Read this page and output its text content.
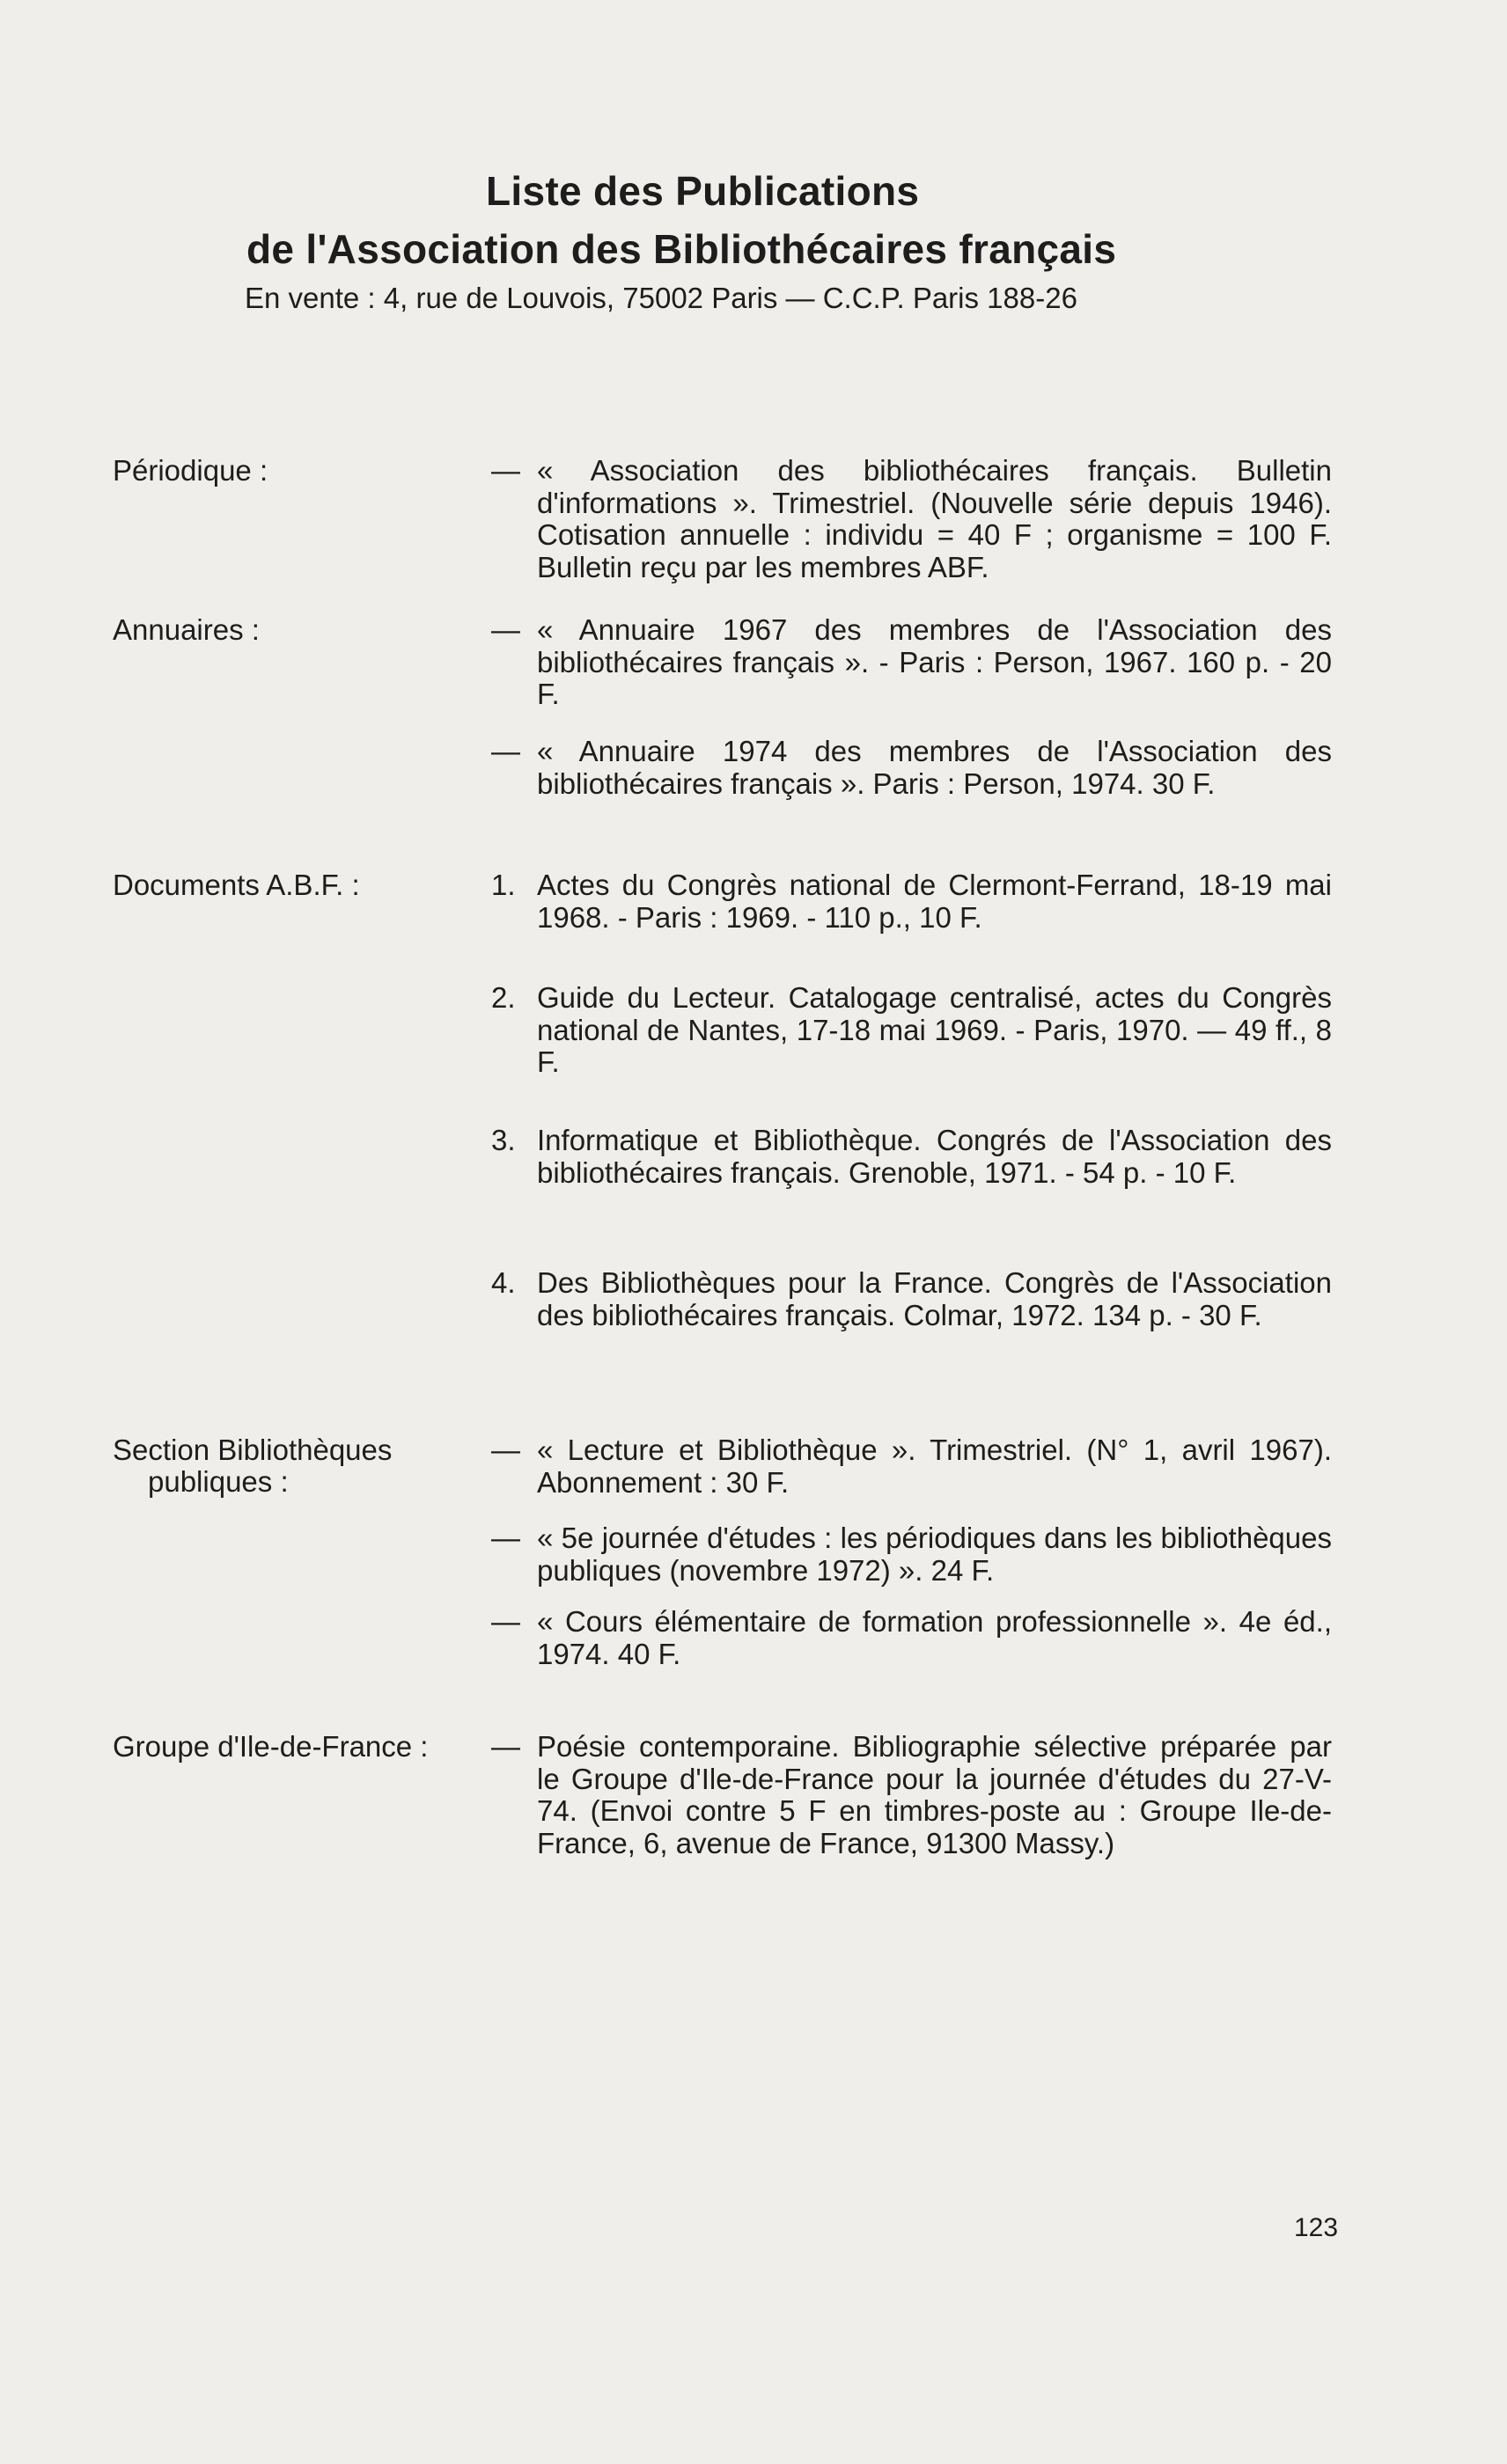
Liste des Publications
de l'Association des Bibliothécaires français
En vente : 4, rue de Louvois, 75002 Paris — C.C.P. Paris 188-26
Périodique :	— « Association des bibliothécaires français. Bulletin d'informations ». Trimestriel. (Nouvelle série depuis 1946). Cotisation annuelle : individu = 40 F ; organisme = 100 F. Bulletin reçu par les membres ABF.
Annuaires :	— « Annuaire 1967 des membres de l'Association des bibliothécaires français ». - Paris : Person, 1967. 160 p. - 20 F.
— « Annuaire 1974 des membres de l'Association des bibliothécaires français ». Paris : Person, 1974. 30 F.
Documents A.B.F. :	1. Actes du Congrès national de Clermont-Ferrand, 18-19 mai 1968. - Paris : 1969. - 110 p., 10 F.
2. Guide du Lecteur. Catalogage centralisé, actes du Congrès national de Nantes, 17-18 mai 1969. - Paris, 1970. — 49 ff., 8 F.
3. Informatique et Bibliothèque. Congrés de l'Association des bibliothécaires français. Grenoble, 1971. - 54 p. - 10 F.
4. Des Bibliothèques pour la France. Congrès de l'Association des bibliothécaires français. Colmar, 1972. 134 p. - 30 F.
Section Bibliothèques
publiques :
— « Lecture et Bibliothèque ». Trimestriel. (N° 1, avril 1967). Abonnement : 30 F.
— « 5e journée d'études : les périodiques dans les bibliothèques publiques (novembre 1972) ». 24 F.
— « Cours élémentaire de formation professionnelle ». 4e éd., 1974. 40 F.
Groupe d'Ile-de-France : — Poésie contemporaine. Bibliographie sélective préparée par le Groupe d'Ile-de-France pour la journée d'études du 27-V-74. (Envoi contre 5 F en timbres-poste au : Groupe Ile-de-France, 6, avenue de France, 91300 Massy.)
123
